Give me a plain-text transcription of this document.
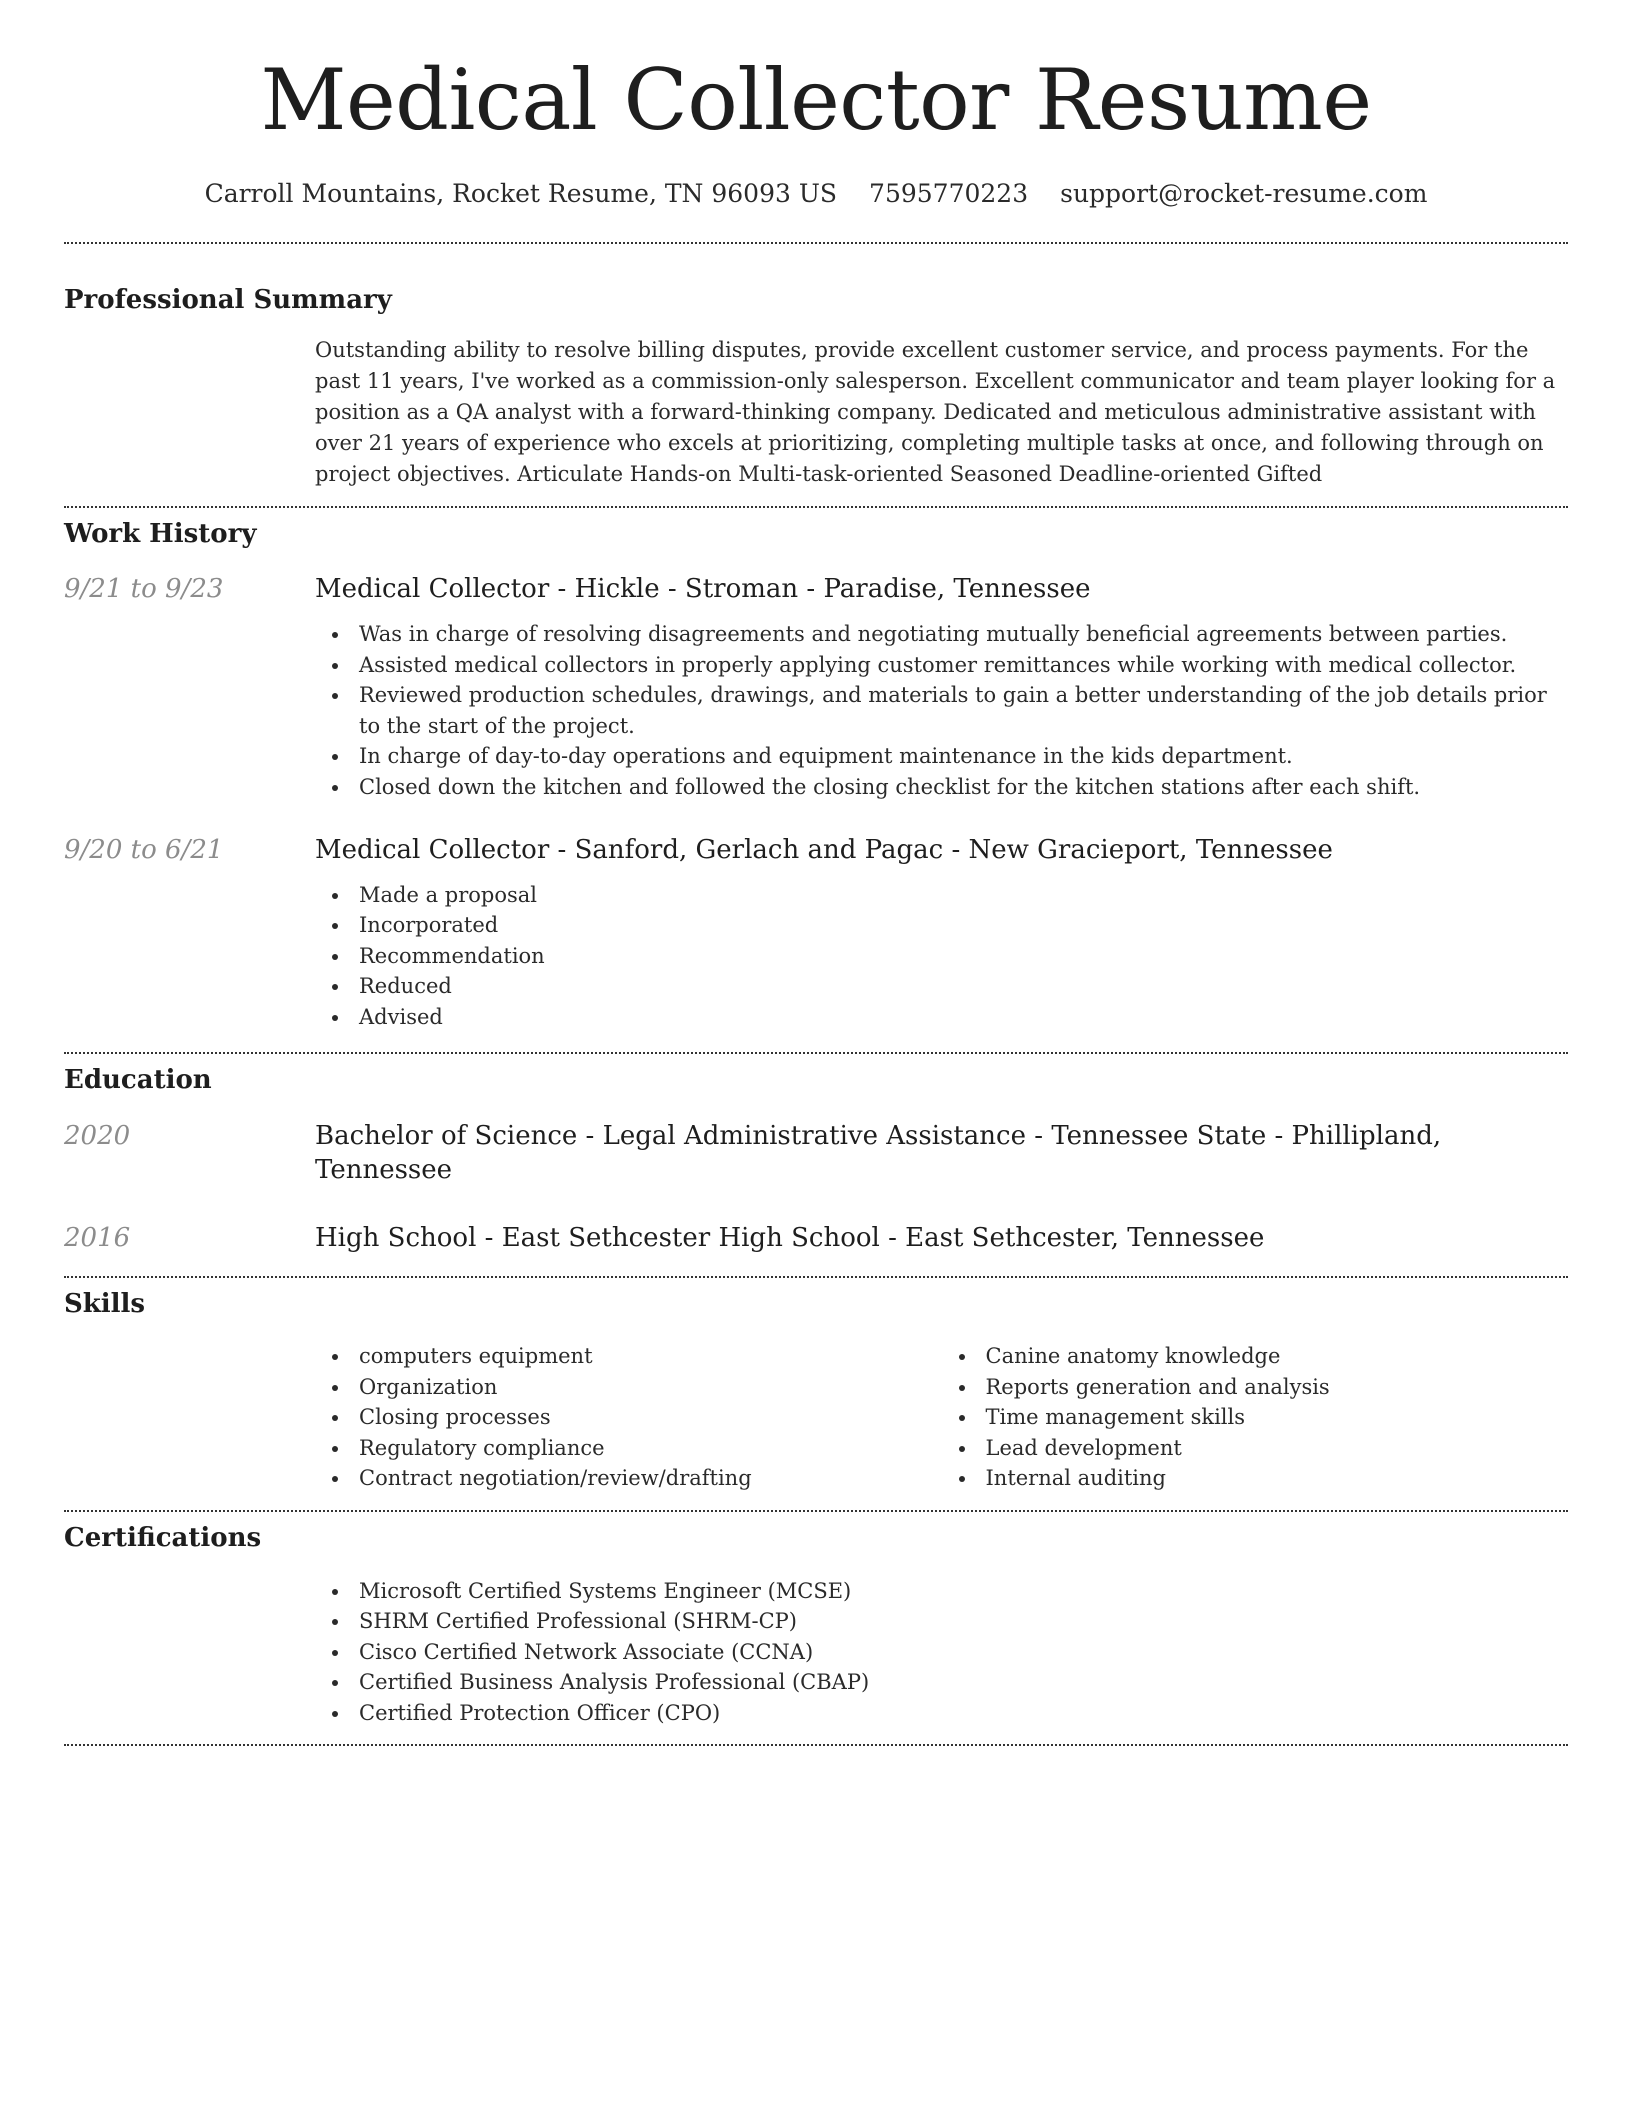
Medical Collector Resume
Carroll Mountains, Rocket Resume, TN 96093 US 7595770223 support@rocket-resume.com
Professional Summary

Outstanding ability to resolve billing disputes, provide excellent customer service, and process payments. For the past 11 years, I've worked as a commission-only salesperson. Excellent communicator and team player looking for a position as a QA analyst with a forward-thinking company. Dedicated and meticulous administrative assistant with over 21 years of experience who excels at prioritizing, completing multiple tasks at once, and following through on project objectives. Articulate Hands-on Multi-task-oriented Seasoned Deadline-oriented Gifted

Work History
9/21 to 9/23	Medical Collector - Hickle - Stroman - Paradise, Tennessee
Was in charge of resolving disagreements and negotiating mutually beneficial agreements between parties.
Assisted medical collectors in properly applying customer remittances while working with medical collector.
Reviewed production schedules, drawings, and materials to gain a better understanding of the job details prior to the start of the project.
In charge of day-to-day operations and equipment maintenance in the kids department.
Closed down the kitchen and followed the closing checklist for the kitchen stations after each shift.
9/20 to 6/21	Medical Collector - Sanford, Gerlach and Pagac - New Gracieport, Tennessee
Made a proposal
Incorporated
Recommendation
Reduced
Advised
Education
2020	Bachelor of Science - Legal Administrative Assistance - Tennessee State - Phillipland, Tennessee
2016	High School - East Sethcester High School - East Sethcester, Tennessee
Skills
computers equipment
Organization
Closing processes
Regulatory compliance
Contract negotiation/review/drafting
Canine anatomy knowledge
Reports generation and analysis
Time management skills
Lead development
Internal auditing
Certifications
Microsoft Certified Systems Engineer (MCSE)
SHRM Certified Professional (SHRM-CP)
Cisco Certified Network Associate (CCNA)
Certified Business Analysis Professional (CBAP)
Certified Protection Officer (CPO)
